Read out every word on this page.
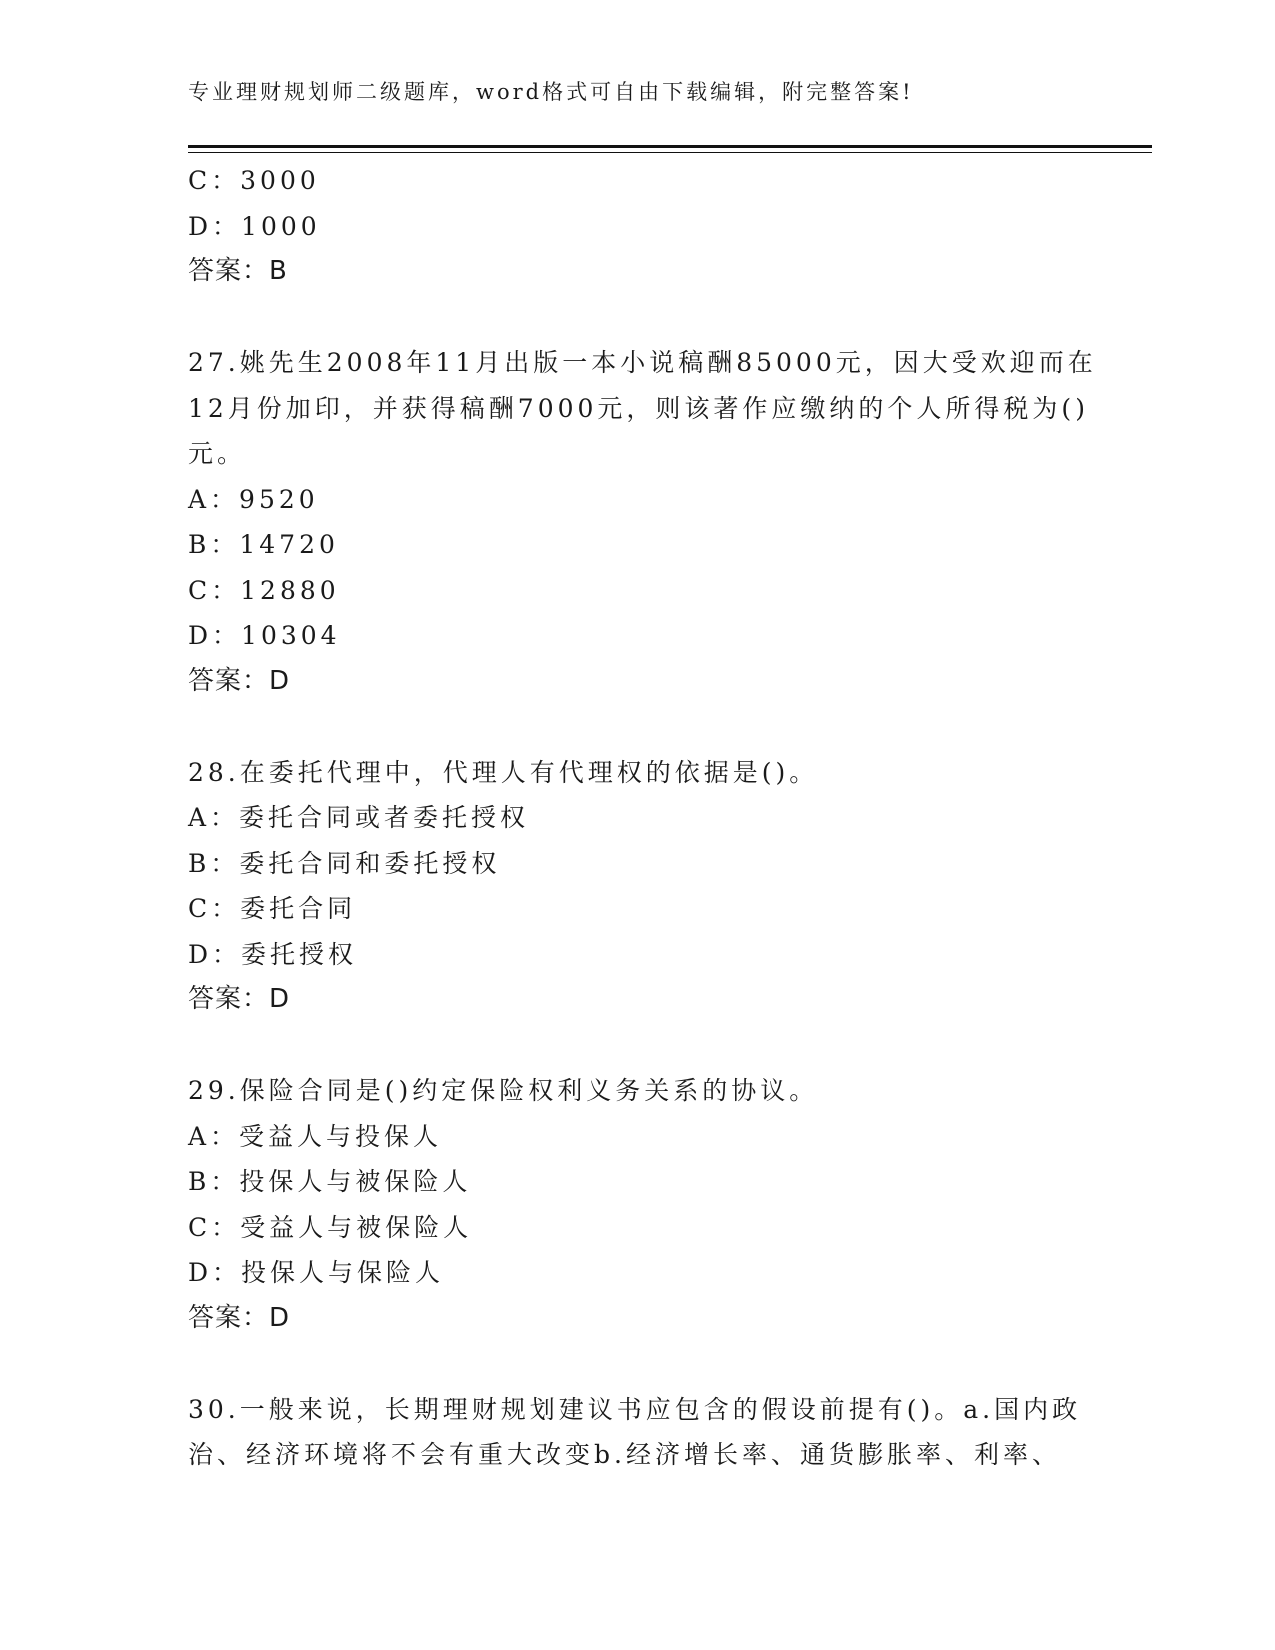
专业理财规划师二级题库，word格式可自由下载编辑，附完整答案!
C：3000
D：1000
答案：B
27.姚先生2008年11月出版一本小说稿酬85000元，因大受欢迎而在
12月份加印，并获得稿酬7000元，则该著作应缴纳的个人所得税为()
元。
A：9520
B：14720
C：12880
D：10304
答案：D
28.在委托代理中，代理人有代理权的依据是()。
A：委托合同或者委托授权
B：委托合同和委托授权
C：委托合同
D：委托授权
答案：D
29.保险合同是()约定保险权利义务关系的协议。
A：受益人与投保人
B：投保人与被保险人
C：受益人与被保险人
D：投保人与保险人
答案：D
30.一般来说，长期理财规划建议书应包含的假设前提有()。a.国内政
治、经济环境将不会有重大改变b.经济增长率、通货膨胀率、利率、
